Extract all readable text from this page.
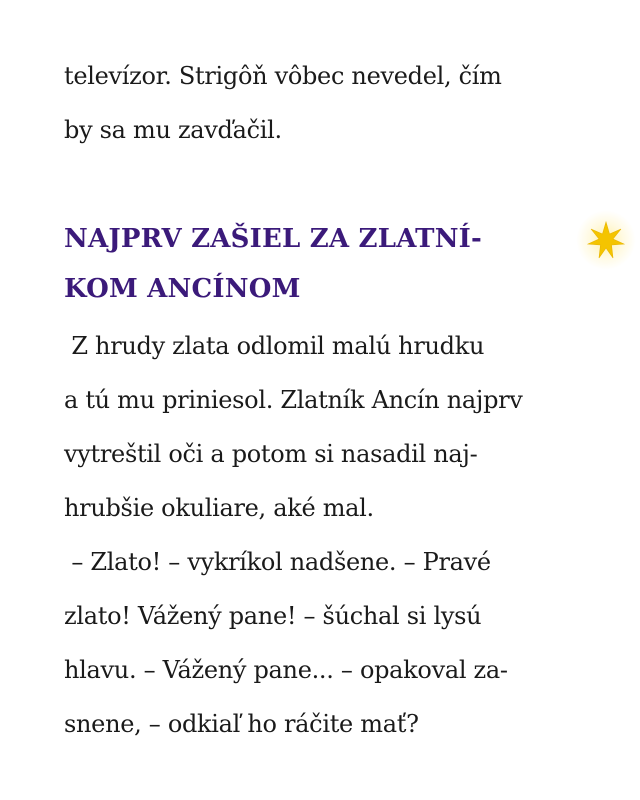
televízor. Strigôň vôbec nevedel, čím
by sa mu zavďačil.
NAJPRV ZAŠIEL ZA ZLATNÍ-
KOM ANCÍNOM
Z hrudy zlata odlomil malú hrudku
a tú mu priniesol. Zlatník Ancín najprv
vytreštil oči a potom si nasadil naj-
hrubšie okuliare, aké mal.
– Zlato! – vykríkol nadšene. – Pravé
zlato! Vážený pane! – šúchal si lysú
hlavu. – Vážený pane... – opakoval za-
snene, – odkiaľ ho ráčite mať?
